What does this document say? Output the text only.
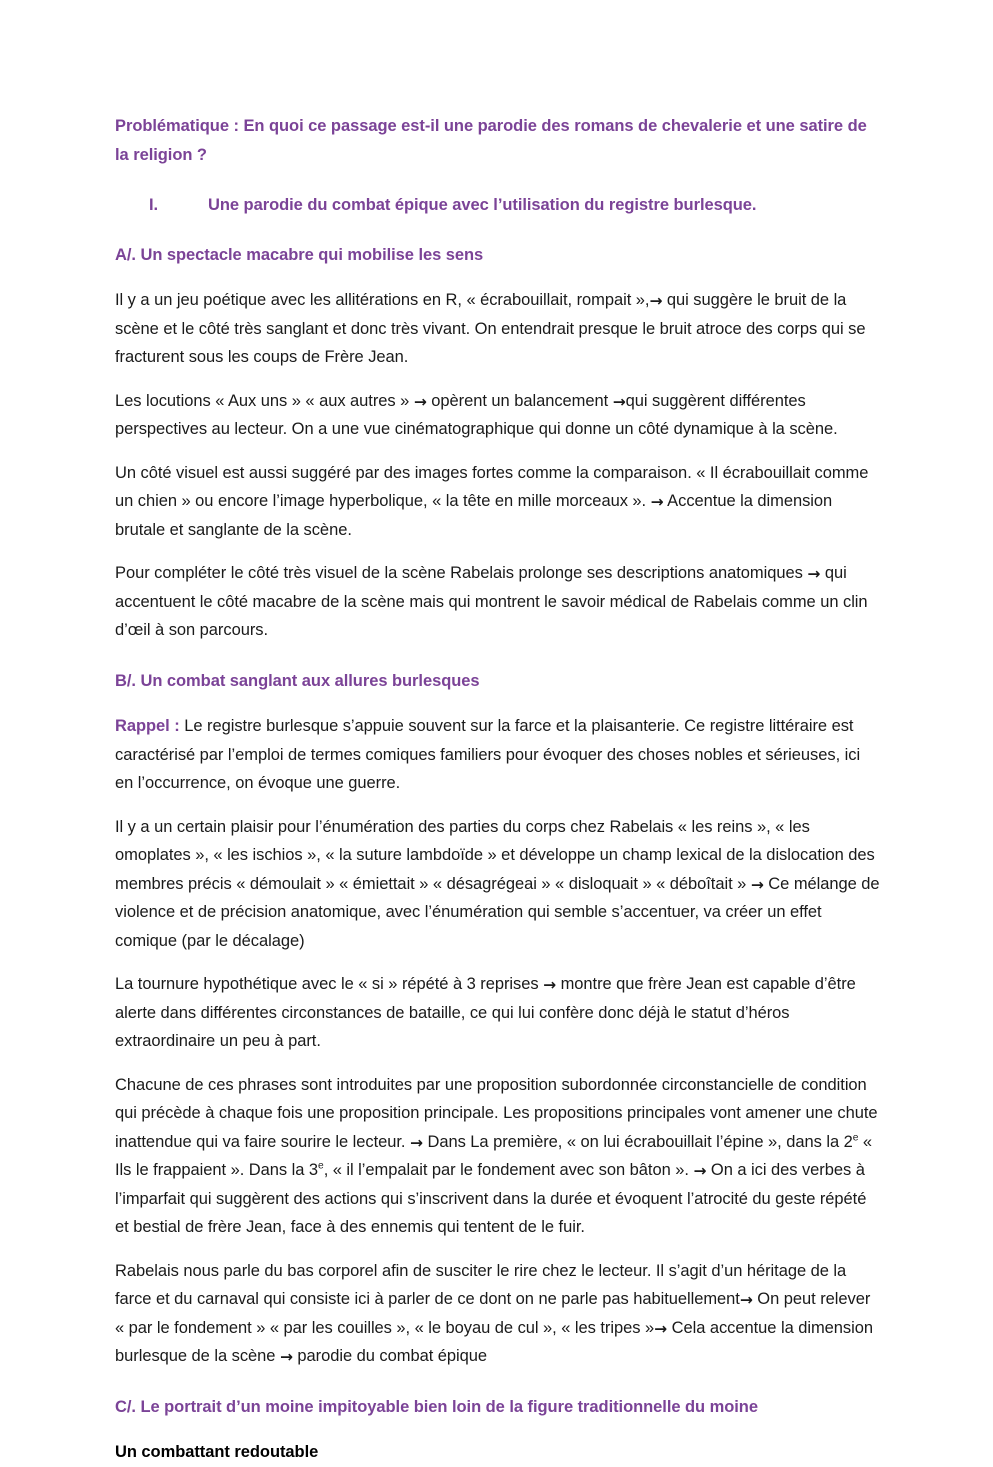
Problématique : En quoi ce passage est-il une parodie des romans de chevalerie et une satire de la religion ?

I.	Une parodie du combat épique avec l’utilisation du registre burlesque.

A/. Un spectacle macabre qui mobilise les sens

Il y a un jeu poétique avec les allitérations en R, « écrabouillait, rompait »,→ qui suggère le bruit de la scène et le côté très sanglant et donc très vivant. On entendrait presque le bruit atroce des corps qui se fracturent sous les coups de Frère Jean.

Les locutions « Aux uns » « aux autres » → opèrent un balancement →qui suggèrent différentes perspectives au lecteur. On a une vue cinématographique qui donne un côté dynamique à la scène.

Un côté visuel est aussi suggéré par des images fortes comme la comparaison. « Il écrabouillait comme un chien » ou encore l’image hyperbolique, « la tête en mille morceaux ». → Accentue la dimension brutale et sanglante de la scène.

Pour compléter le côté très visuel de la scène Rabelais prolonge ses descriptions anatomiques → qui accentuent le côté macabre de la scène mais qui montrent le savoir médical de Rabelais comme un clin d’œil à son parcours.

B/. Un combat sanglant aux allures burlesques

Rappel : Le registre burlesque s’appuie souvent sur la farce et la plaisanterie. Ce registre littéraire est caractérisé par l’emploi de termes comiques familiers pour évoquer des choses nobles et sérieuses, ici en l’occurrence, on évoque une guerre.

Il y a un certain plaisir pour l’énumération des parties du corps chez Rabelais « les reins », « les omoplates », « les ischios », « la suture lambdoïde » et développe un champ lexical de la dislocation des membres précis « démoulait » « émiettait » « désagrégeai » « disloquait » « déboîtait » → Ce mélange de violence et de précision anatomique, avec l’énumération qui semble s’accentuer, va créer un effet comique (par le décalage)

La tournure hypothétique avec le « si » répété à 3 reprises → montre que frère Jean est capable d’être alerte dans différentes circonstances de bataille, ce qui lui confère donc déjà le statut d’héros extraordinaire un peu à part.

Chacune de ces phrases sont introduites par une proposition subordonnée circonstancielle de condition qui précède à chaque fois une proposition principale. Les propositions principales vont amener une chute inattendue qui va faire sourire le lecteur. → Dans La première, « on lui écrabouillait l’épine », dans la 2e « Ils le frappaient ». Dans la 3e, « il l’empalait par le fondement avec son bâton ». → On a ici des verbes à l’imparfait qui suggèrent des actions qui s’inscrivent dans la durée et évoquent l’atrocité du geste répété et bestial de frère Jean, face à des ennemis qui tentent de le fuir.

Rabelais nous parle du bas corporel afin de susciter le rire chez le lecteur. Il s’agit d’un héritage de la farce et du carnaval qui consiste ici à parler de ce dont on ne parle pas habituellement→ On peut relever « par le fondement » « par les couilles », « le boyau de cul », « les tripes »→ Cela accentue la dimension burlesque de la scène → parodie du combat épique

C/. Le portrait d’un moine impitoyable bien loin de la figure traditionnelle du moine

Un combattant redoutable
